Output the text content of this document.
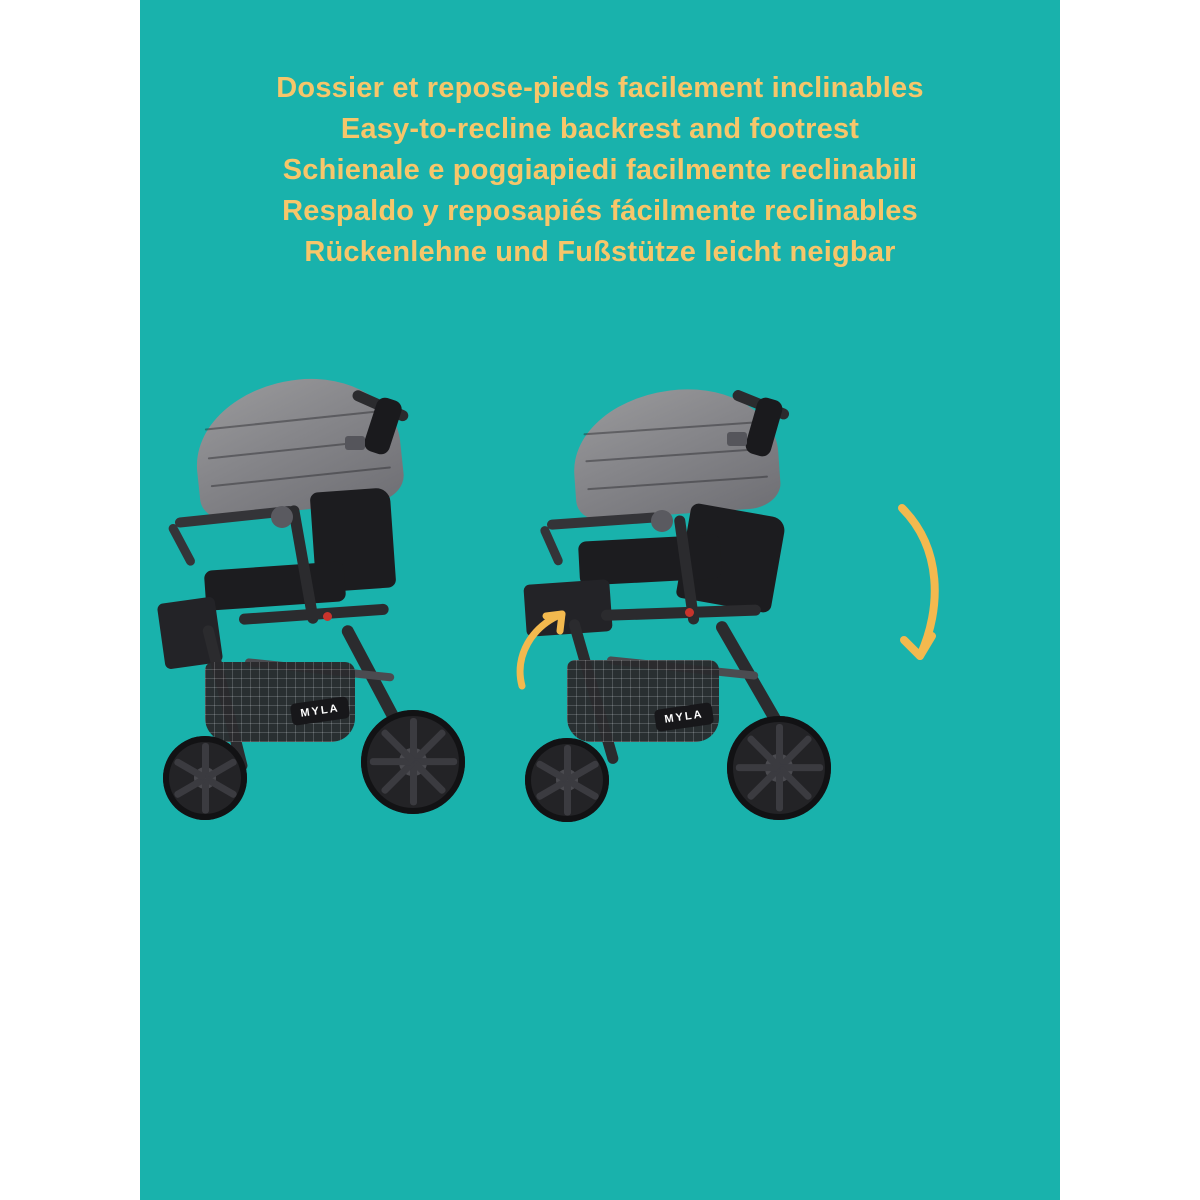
Dossier et repose-pieds facilement inclinables
Easy-to-recline backrest and footrest
Schienale e poggiapiedi facilmente reclinabili
Respaldo y reposapiés fácilmente reclinables
Rückenlehne und Fußstütze leicht neigbar
MYLA	MYLA
